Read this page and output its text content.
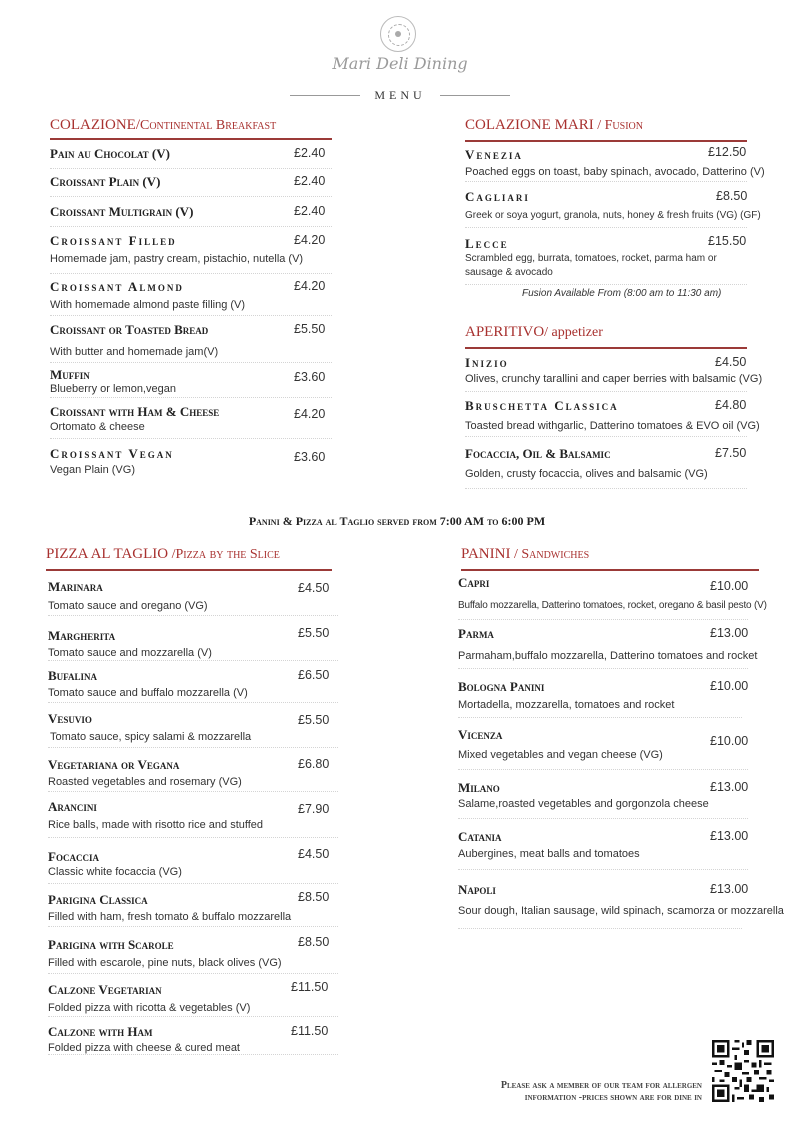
Mari Deli Dining
MENU
COLAZIONE/Continental Breakfast
Pain au Chocolat (V)	£2.40
Croissant Plain (V)	£2.40
Croissant Multigrain (V)	£2.40
Croissant Filled	£4.20
Homemade jam, pastry cream, pistachio, nutella (V)
Croissant Almond	£4.20
With homemade almond paste filling (V)
Croissant or Toasted Bread	£5.50
With butter and homemade jam(V)
Muffin	£3.60
Blueberry or lemon,vegan
Croissant with Ham & Cheese	£4.20
Ortomato & cheese
Croissant Vegan	£3.60
Vegan Plain (VG)
COLAZIONE MARI / Fusion
Venezia	£12.50
Poached eggs on toast, baby spinach, avocado, Datterino (V)
Cagliari	£8.50
Greek or soya yogurt, granola, nuts, honey & fresh fruits (VG) (GF)
Lecce	£15.50
Scrambled egg, burrata, tomatoes, rocket, parma ham or
sausage & avocado
Fusion Available From (8:00 am to 11:30 am)
APERITIVO/ appetizer
Inizio	£4.50
Olives, crunchy tarallini and caper berries with balsamic (VG)
Bruschetta Classica	£4.80
Toasted bread withgarlic, Datterino tomatoes & EVO oil (VG)
Focaccia, Oil & Balsamic	£7.50
Golden, crusty focaccia, olives and balsamic (VG)
Panini & Pizza al Taglio served from 7:00 AM to 6:00 PM
PIZZA AL TAGLIO /Pizza by the Slice
Marinara	£4.50
Tomato sauce and oregano (VG)
Margherita	£5.50
Tomato sauce and mozzarella (V)
Bufalina	£6.50
Tomato sauce and buffalo mozzarella (V)
Vesuvio	£5.50
Tomato sauce, spicy salami & mozzarella
Vegetariana or Vegana	£6.80
Roasted vegetables and rosemary (VG)
Arancini	£7.90
Rice balls, made with risotto rice and stuffed
Focaccia	£4.50
Classic white focaccia (VG)
Parigina Classica	£8.50
Filled with ham, fresh tomato & buffalo mozzarella
Parigina with Scarole	£8.50
Filled with escarole, pine nuts, black olives (VG)
Calzone Vegetarian	£11.50
Folded pizza with ricotta & vegetables (V)
Calzone with Ham	£11.50
Folded pizza with cheese & cured meat
PANINI / Sandwiches
Capri	£10.00
Buffalo mozzarella, Datterino tomatoes, rocket, oregano & basil pesto (V)
Parma	£13.00
Parmaham,buffalo mozzarella, Datterino tomatoes and rocket
Bologna Panini	£10.00
Mortadella, mozzarella, tomatoes and rocket
Vicenza	£10.00
Mixed vegetables and vegan cheese (VG)
Milano	£13.00
Salame,roasted vegetables and gorgonzola cheese
Catania	£13.00
Aubergines, meat balls and tomatoes
Napoli	£13.00
Sour dough, Italian sausage, wild spinach, scamorza or mozzarella
Please ask a member of our team for allergen
information -prices shown are for dine in
